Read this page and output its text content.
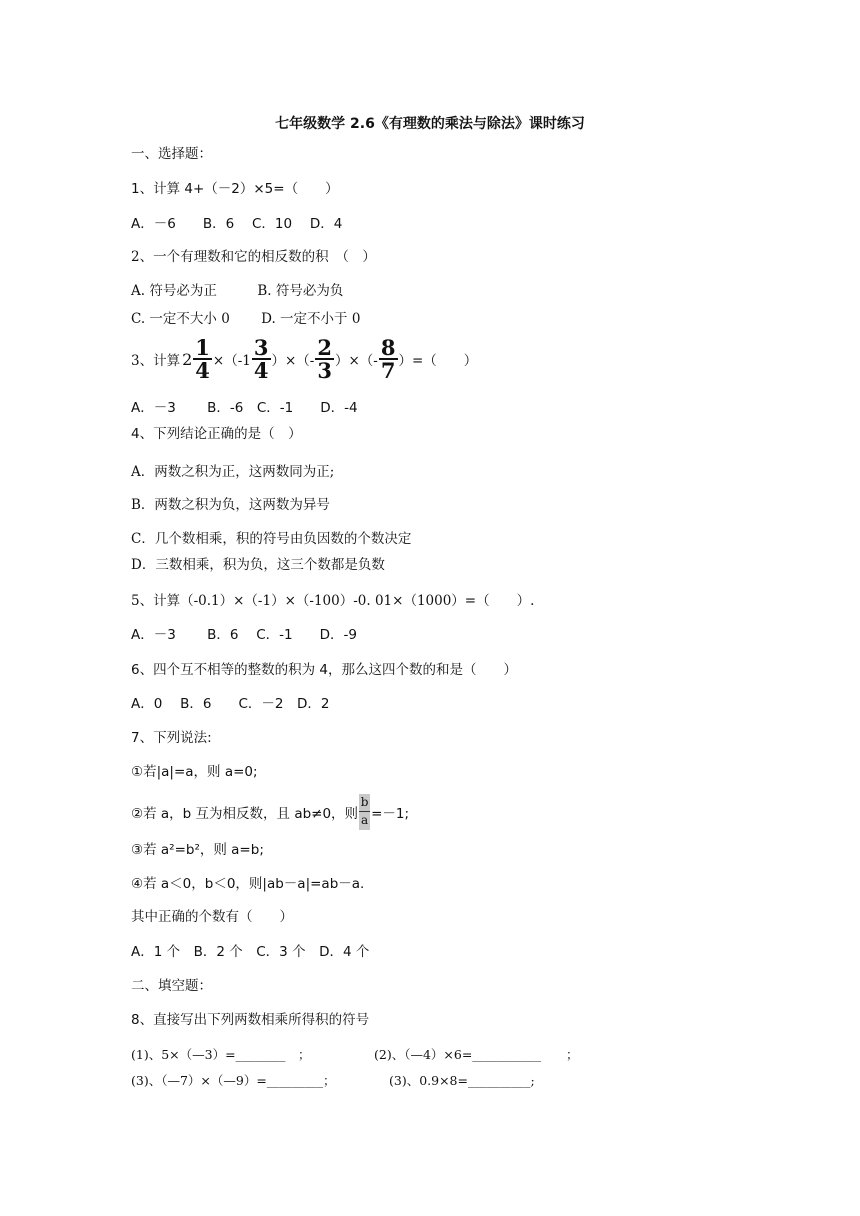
七年级数学 2.6《有理数的乘法与除法》课时练习
一、选择题：
1、计算 4+（－2）×5=（　　）
A．－6　　B．6　 C．10　 D．4
2、一个有理数和它的相反数的积　（　）
A. 符号必为正　　　B. 符号必为负
C. 一定不大小 0　　 D. 一定不小于 0
3、计算 $2 \frac{1}{4} \times(-1 \frac{3}{4}$ ）×（- $\frac{2}{3}$ ）×（- $\frac{8}{7}$ ）=（　　）
A．－3　　 B．-6　C．-1　　D．-4
4、下列结论正确的是（　）
A．两数之积为正，这两数同为正;
B．两数之积为负，这两数为异号
C．几个数相乘，积的符号由负因数的个数决定
D．三数相乘，积为负，这三个数都是负数
5、计算（-0.1）×（-1）×（-100）-0. 01×（1000）=（　　）.
A．－3　　 B．6　 C．-1　　D．-9
6、四个互不相等的整数的积为 4，那么这四个数的和是（　　）
A．0　 B．6　　C．－2　D．2
7、下列说法:
①若|a|=a，则 a=0;
②若 a，b 互为相反数，且 ab≠0，则 $\frac{b}{a} =-1$;
③若 a²=b²，则 a=b;
④若 a＜0，b＜0，则|ab－a|=ab－a.
其中正确的个数有（　　）
A．1 个　B．2 个　C．3 个　D．4 个
二、填空题：
8、直接写出下列两数相乘所得积的符号
(1)、5×（—3）=________　；	(2)、（—4）×6=___________　　；
(3)、（—7）×（—9）=_________；	(3)、0.9×8=__________;
